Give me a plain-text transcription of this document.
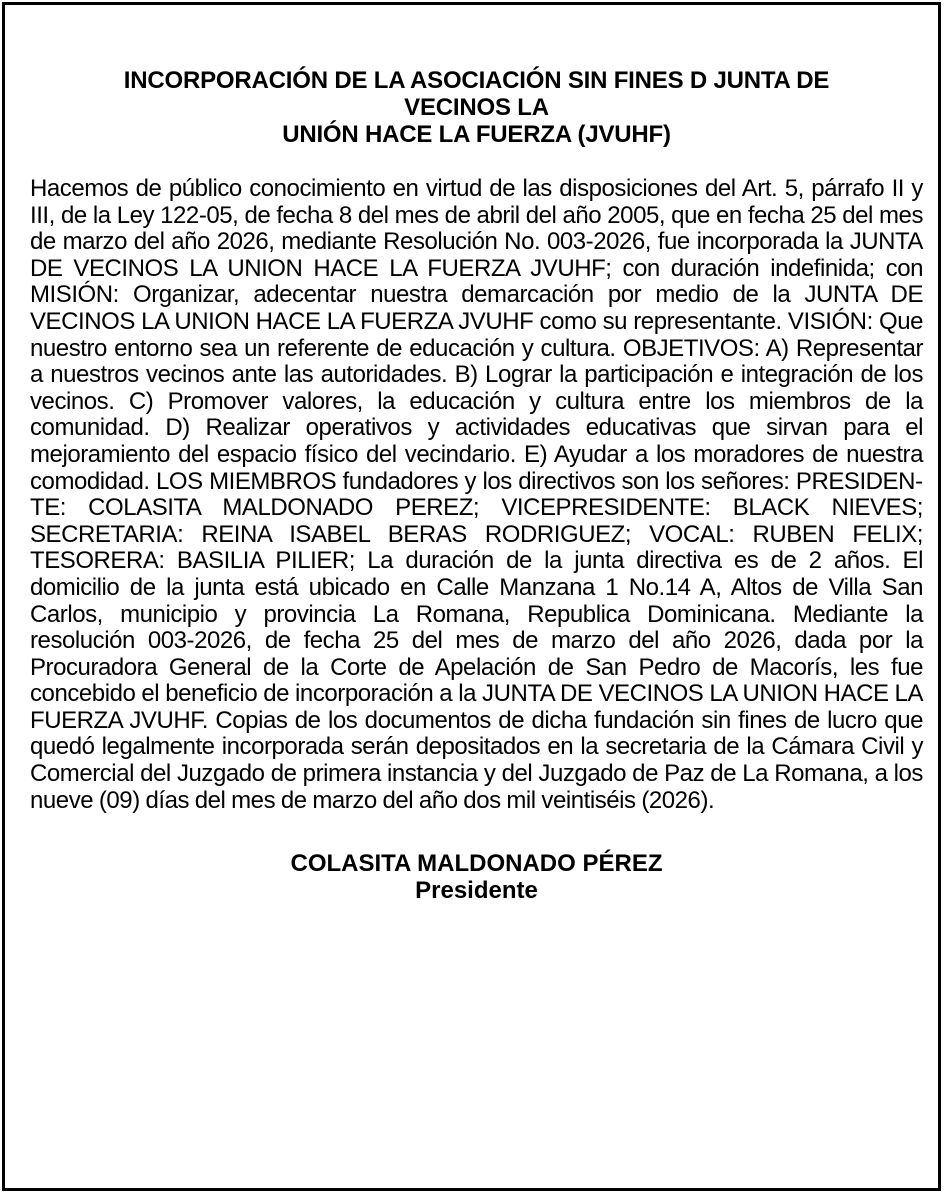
INCORPORACIÓN DE LA ASOCIACIÓN SIN FINES D JUNTA DE
VECINOS LA
UNIÓN HACE LA FUERZA (JVUHF)

Hacemos de público conocimiento en virtud de las disposiciones del Art. 5, párrafo II y III, de la Ley 122-05, de fecha 8 del mes de abril del año 2005, que en fecha 25 del mes de marzo del año 2026, mediante Resolución No. 003-2026, fue incorporada la JUNTA DE VECINOS LA UNION HACE LA FUERZA JVUHF; con duración indefinida; con MISIÓN: Organizar, adecentar nuestra demarcación por medio de la JUNTA DE VECINOS LA UNION HACE LA FUERZA JVUHF como su representante. VISIÓN: Que nuestro entorno sea un referente de educación y cultura. OBJETIVOS: A) Representar a nuestros vecinos ante las autoridades. B) Lograr la participación e integración de los vecinos. C) Promover valores, la educación y cultura entre los miembros de la comunidad. D) Realizar operativos y actividades educativas que sirvan para el mejoramiento del espacio físico del vecindario. E) Ayudar a los moradores de nuestra comodidad. LOS MIEMBROS fundadores y los directivos son los señores: PRESIDENTE: COLASITA MALDONADO PEREZ; VICEPRESIDENTE: BLACK NIEVES; SECRETARIA: REINA ISABEL BERAS RODRIGUEZ; VOCAL: RUBEN FELIX; TESORERA: BASILIA PILIER; La duración de la junta directiva es de 2 años. El domicilio de la junta está ubicado en Calle Manzana 1 No.14 A, Altos de Villa San Carlos, municipio y provincia La Romana, Republica Dominicana. Mediante la resolución 003-2026, de fecha 25 del mes de marzo del año 2026, dada por la Procuradora General de la Corte de Apelación de San Pedro de Macorís, les fue concebido el beneficio de incorporación a la JUNTA DE VECINOS LA UNION HACE LA FUERZA JVUHF. Copias de los documentos de dicha fundación sin fines de lucro que quedó legalmente incorporada serán depositados en la secretaria de la Cámara Civil y Comercial del Juzgado de primera instancia y del Juzgado de Paz de La Romana, a los nueve (09) días del mes de marzo del año dos mil veintiséis (2026).

COLASITA MALDONADO PÉREZ
Presidente
